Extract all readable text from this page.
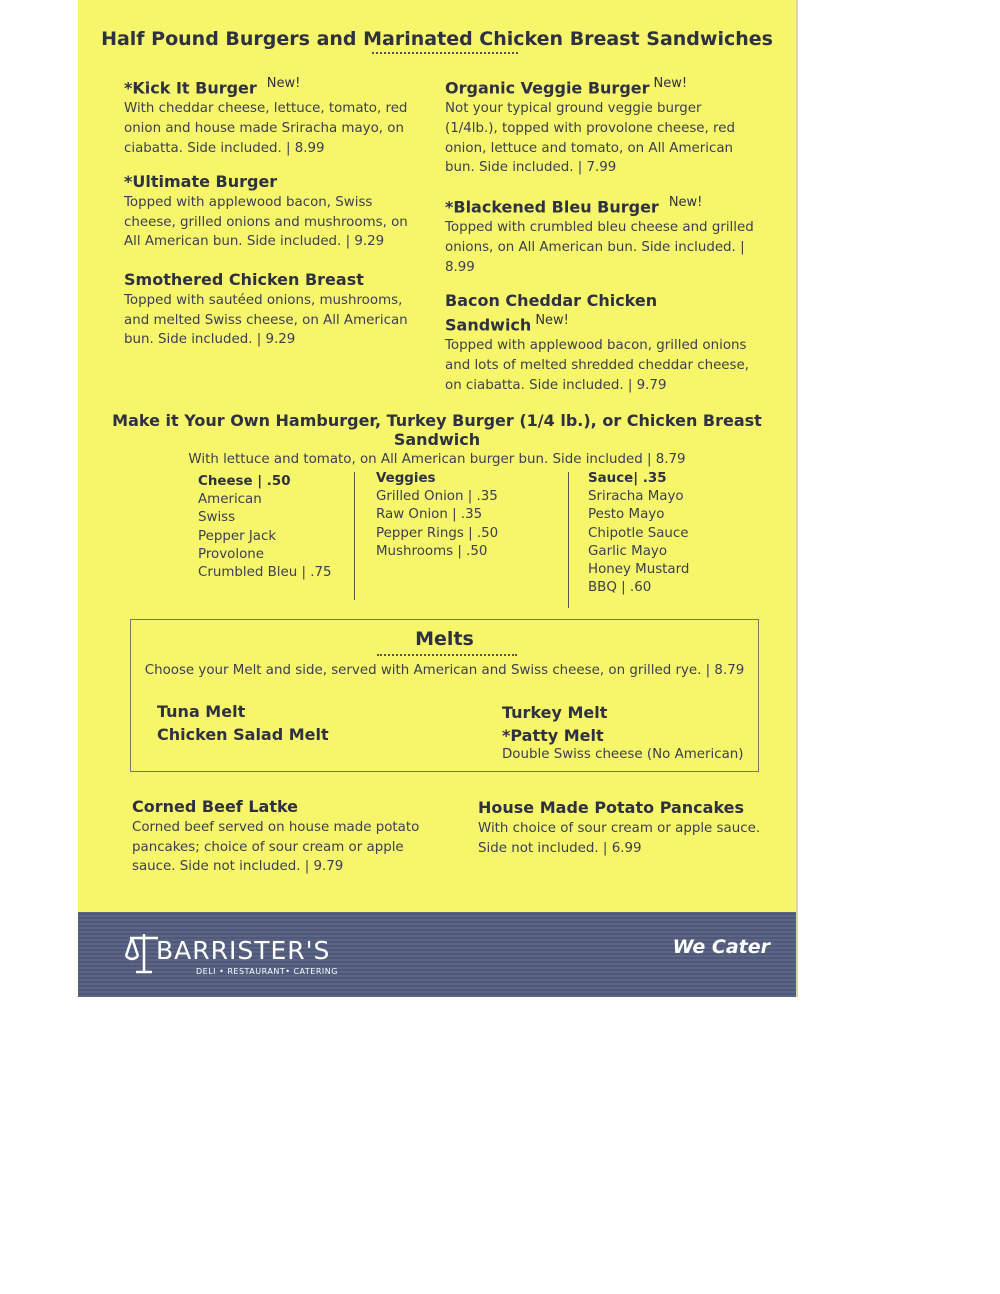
Half Pound Burgers and Marinated Chicken Breast Sandwiches
*Kick It Burger $^{New!}$
With cheddar cheese, lettuce, tomato, red onion and house made Sriracha mayo, on ciabatta. Side included. | 8.99
*Ultimate Burger
Topped with applewood bacon, Swiss cheese, grilled onions and mushrooms, on All American bun. Side included. | 9.29
Smothered Chicken Breast
Topped with sautéed onions, mushrooms, and melted Swiss cheese, on All American bun. Side included. | 9.29
Organic Veggie Burger $^{New!}$
Not your typical ground veggie burger (1/4lb.), topped with provolone cheese, red onion, lettuce and tomato, on All American bun. Side included. | 7.99
*Blackened Bleu Burger $^{New!}$
Topped with crumbled bleu cheese and grilled onions, on All American bun. Side included. | 8.99
Bacon Cheddar Chicken Sandwich $^{New!}$
Topped with applewood bacon, grilled onions and lots of melted shredded cheddar cheese, on ciabatta. Side included. | 9.79
Make it Your Own Hamburger, Turkey Burger (1/4 lb.), or Chicken Breast Sandwich
With lettuce and tomato, on All American burger bun. Side included | 8.79
Cheese | .50
American
Swiss
Pepper Jack
Provolone
Crumbled Bleu | .75
Veggies
Grilled Onion | .35
Raw Onion | .35
Pepper Rings | .50
Mushrooms | .50
Sauce| .35
Sriracha Mayo
Pesto Mayo
Chipotle Sauce
Garlic Mayo
Honey Mustard
BBQ | .60
Melts
Choose your Melt and side, served with American and Swiss cheese, on grilled rye. | 8.79
Tuna Melt
Chicken Salad Melt
Turkey Melt
*Patty Melt
Double Swiss cheese (No American)
Corned Beef Latke
Corned beef served on house made potato pancakes; choice of sour cream or apple sauce. Side not included. | 9.79
House Made Potato Pancakes
With choice of sour cream or apple sauce. Side not included. | 6.99
BARRISTER'S
DELI • RESTAURANT• CATERING
We Cater
